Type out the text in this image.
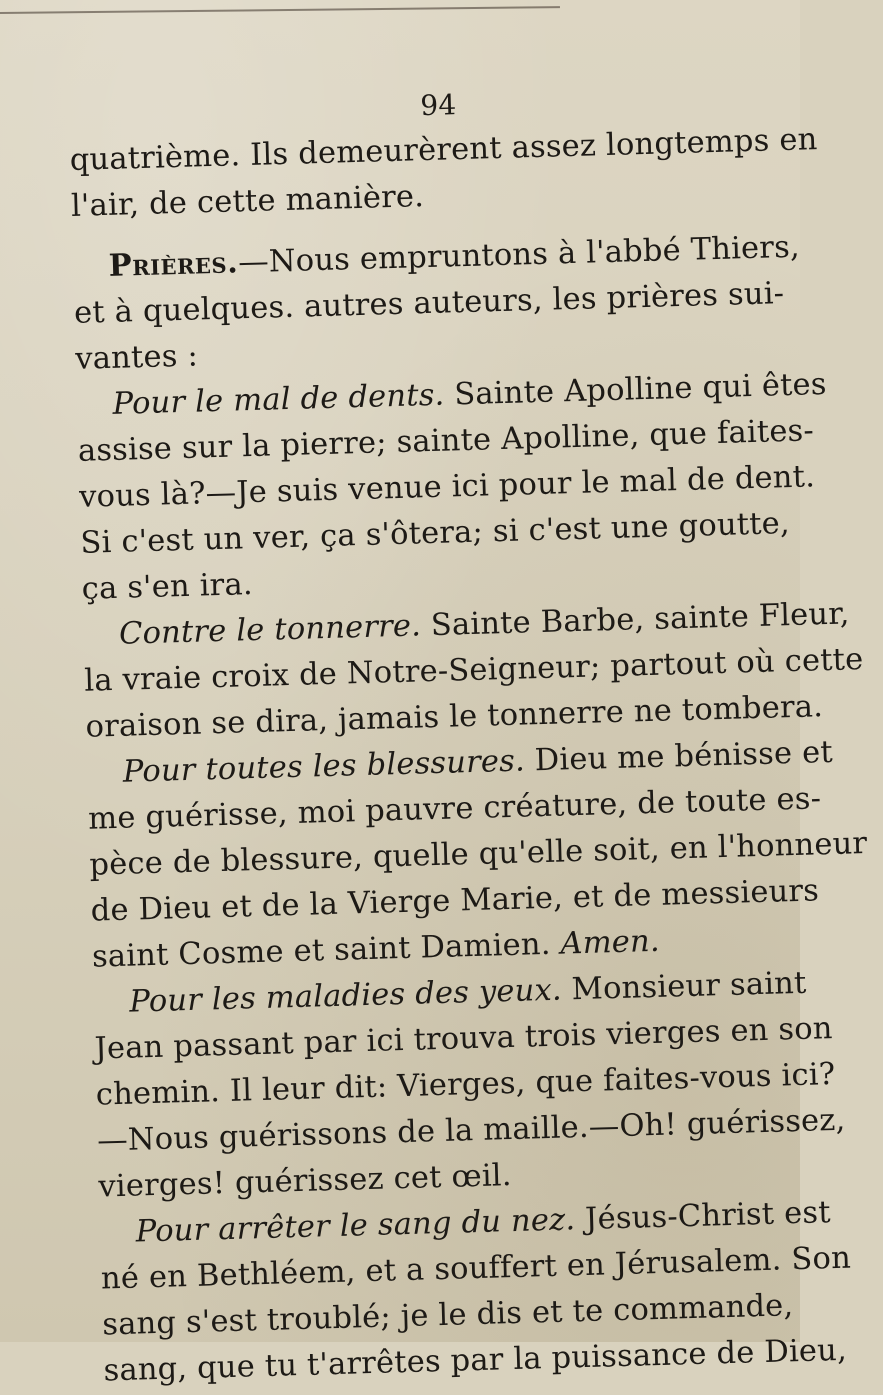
94
quatrième. Ils demeurèrent assez longtemps en
l'air, de cette manière.
Prières.—Nous empruntons à l'abbé Thiers,
et à quelques. autres auteurs, les prières sui-
vantes :
Pour le mal de dents. Sainte Apolline qui êtes
assise sur la pierre; sainte Apolline, que faites-
vous là?—Je suis venue ici pour le mal de dent.
Si c'est un ver, ça s'ôtera; si c'est une goutte,
ça s'en ira.
Contre le tonnerre. Sainte Barbe, sainte Fleur,
la vraie croix de Notre-Seigneur; partout où cette
oraison se dira, jamais le tonnerre ne tombera.
Pour toutes les blessures. Dieu me bénisse et
me guérisse, moi pauvre créature, de toute es-
pèce de blessure, quelle qu'elle soit, en l'honneur
de Dieu et de la Vierge Marie, et de messieurs
saint Cosme et saint Damien. Amen.
Pour les maladies des yeux. Monsieur saint
Jean passant par ici trouva trois vierges en son
chemin. Il leur dit: Vierges, que faites-vous ici?
—Nous guérissons de la maille.—Oh! guérissez,
vierges! guérissez cet œil.
Pour arrêter le sang du nez. Jésus-Christ est
né en Bethléem, et a souffert en Jérusalem. Son
sang s'est troublé; je le dis et te commande,
sang, que tu t'arrêtes par la puissance de Dieu,
